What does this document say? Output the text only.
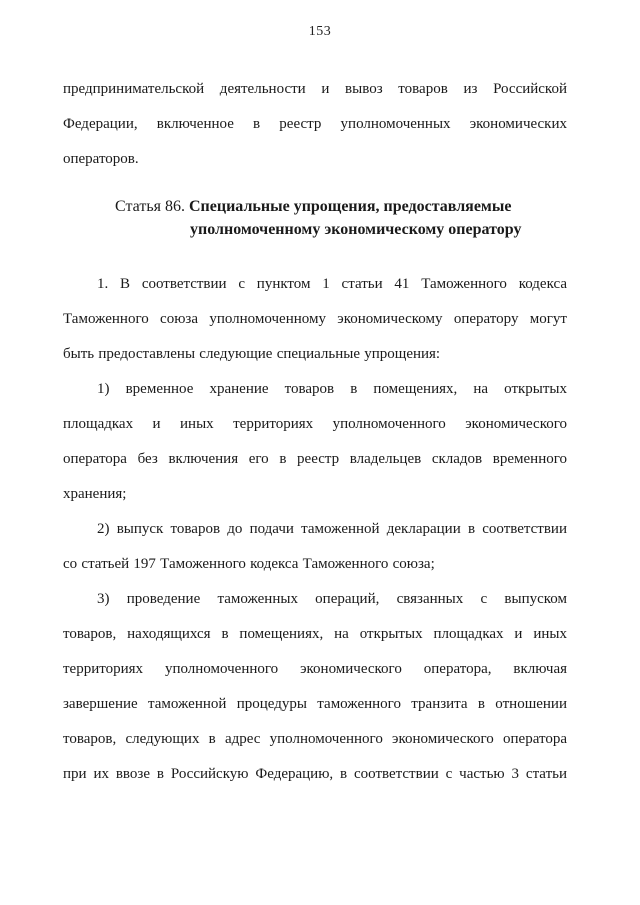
153
предпринимательской деятельности и вывоз товаров из Российской
Федерации, включенное в реестр уполномоченных экономических
операторов.
Статья 86. Специальные упрощения, предоставляемые
уполномоченному экономическому оператору
1. В соответствии с пунктом 1 статьи 41 Таможенного кодекса
Таможенного союза уполномоченному экономическому оператору могут
быть предоставлены следующие специальные упрощения:
1) временное хранение товаров в помещениях, на открытых
площадках и иных территориях уполномоченного экономического
оператора без включения его в реестр владельцев складов временного
хранения;
2) выпуск товаров до подачи таможенной декларации в соответствии
со статьей 197 Таможенного кодекса Таможенного союза;
3) проведение таможенных операций, связанных с выпуском
товаров, находящихся в помещениях, на открытых площадках и иных
территориях уполномоченного экономического оператора, включая
завершение таможенной процедуры таможенного транзита в отношении
товаров, следующих в адрес уполномоченного экономического оператора
при их ввозе в Российскую Федерацию, в соответствии с частью 3 статьи
